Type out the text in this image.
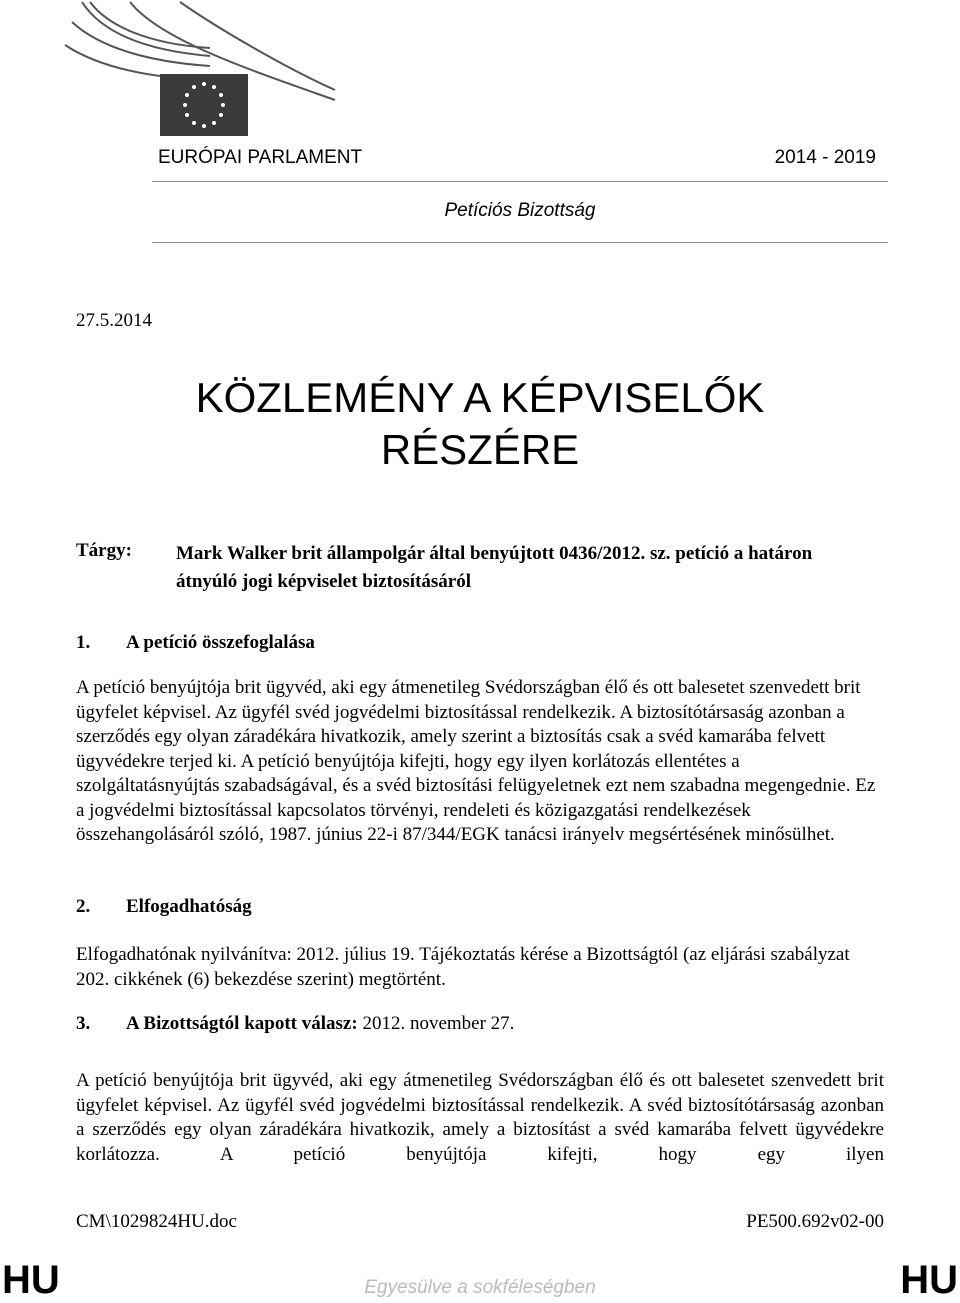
EURÓPAI PARLAMENT	2014 - 2019
Petíciós Bizottság
27.5.2014
KÖZLEMÉNY A KÉPVISELŐK
RÉSZÉRE
Tárgy: Mark Walker brit állampolgár által benyújtott 0436/2012. sz. petíció a határon átnyúló jogi képviselet biztosításáról
1. A petíció összefoglalása
A petíció benyújtója brit ügyvéd, aki egy átmenetileg Svédországban élő és ott balesetet szenvedett brit ügyfelet képvisel. Az ügyfél svéd jogvédelmi biztosítással rendelkezik. A biztosítótársaság azonban a szerződés egy olyan záradékára hivatkozik, amely szerint a biztosítás csak a svéd kamarába felvett ügyvédekre terjed ki. A petíció benyújtója kifejti, hogy egy ilyen korlátozás ellentétes a szolgáltatásnyújtás szabadságával, és a svéd biztosítási felügyeletnek ezt nem szabadna megengednie. Ez a jogvédelmi biztosítással kapcsolatos törvényi, rendeleti és közigazgatási rendelkezések összehangolásáról szóló, 1987. június 22-i 87/344/EGK tanácsi irányelv megsértésének minősülhet.
2. Elfogadhatóság
Elfogadhatónak nyilvánítva: 2012. július 19. Tájékoztatás kérése a Bizottságtól (az eljárási szabályzat 202. cikkének (6) bekezdése szerint) megtörtént.
3. A Bizottságtól kapott válasz: 2012. november 27.
A petíció benyújtója brit ügyvéd, aki egy átmenetileg Svédországban élő és ott balesetet szenvedett brit ügyfelet képvisel. Az ügyfél svéd jogvédelmi biztosítással rendelkezik. A svéd biztosítótársaság azonban a szerződés egy olyan záradékára hivatkozik, amely a biztosítást a svéd kamarába felvett ügyvédekre korlátozza. A petíció benyújtója kifejti, hogy egy ilyen
CM\1029824HU.doc	PE500.692v02-00
HU	HU
Egyesülve a sokféleségben
